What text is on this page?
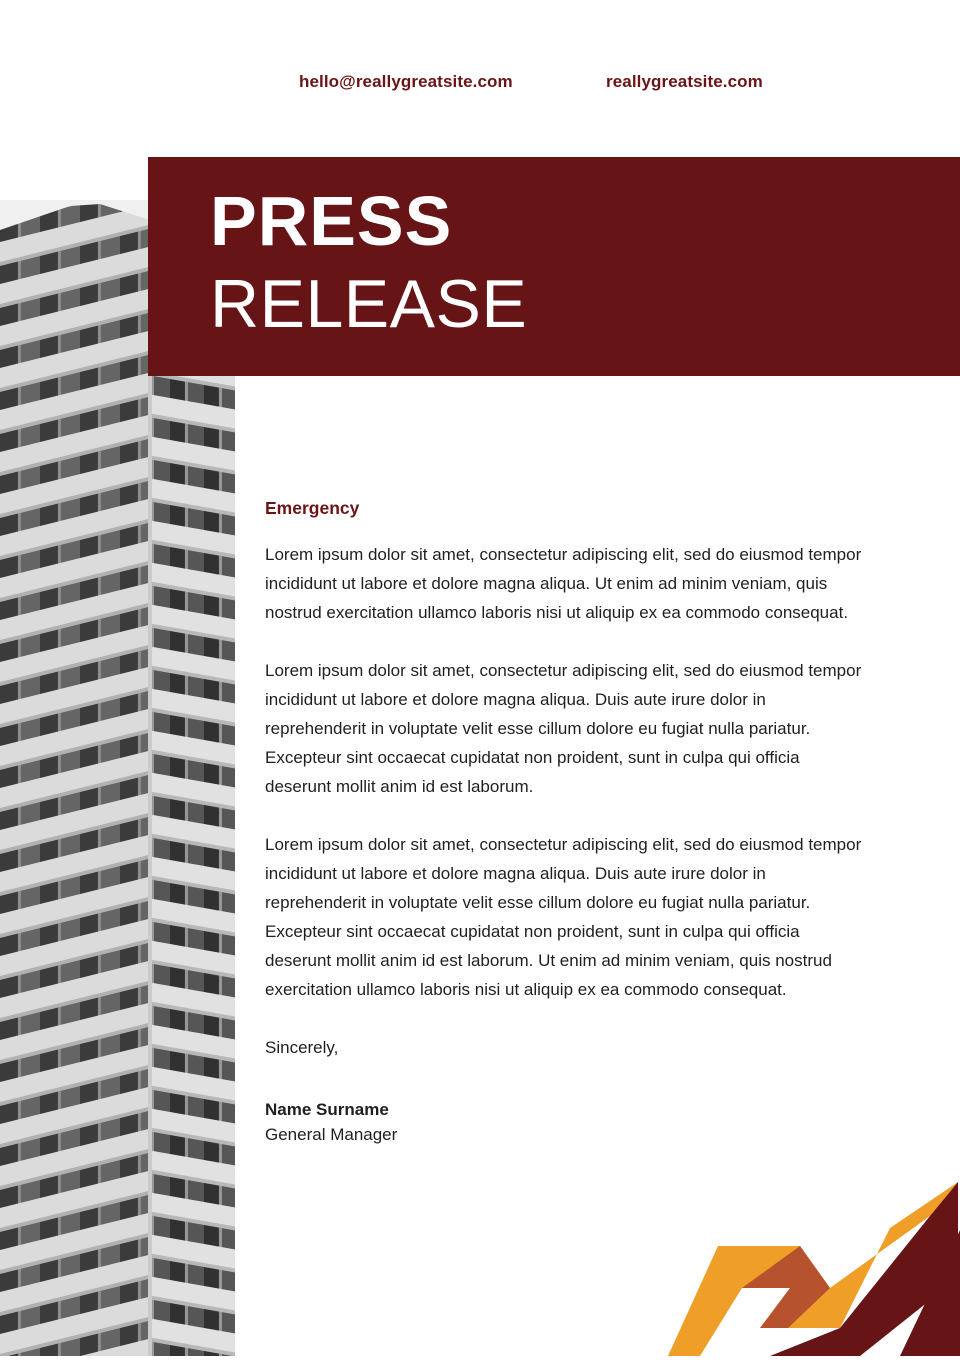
hello@reallygreatsite.com	reallygreatsite.com
PRESS
RELEASE
Emergency

Lorem ipsum dolor sit amet, consectetur adipiscing elit, sed do eiusmod tempor incididunt ut labore et dolore magna aliqua. Ut enim ad minim veniam, quis nostrud exercitation ullamco laboris nisi ut aliquip ex ea commodo consequat.

Lorem ipsum dolor sit amet, consectetur adipiscing elit, sed do eiusmod tempor incididunt ut labore et dolore magna aliqua. Duis aute irure dolor in reprehenderit in voluptate velit esse cillum dolore eu fugiat nulla pariatur. Excepteur sint occaecat cupidatat non proident, sunt in culpa qui officia deserunt mollit anim id est laborum.

Lorem ipsum dolor sit amet, consectetur adipiscing elit, sed do eiusmod tempor incididunt ut labore et dolore magna aliqua. Duis aute irure dolor in reprehenderit in voluptate velit esse cillum dolore eu fugiat nulla pariatur. Excepteur sint occaecat cupidatat non proident, sunt in culpa qui officia deserunt mollit anim id est laborum. Ut enim ad minim veniam, quis nostrud exercitation ullamco laboris nisi ut aliquip ex ea commodo consequat.

Sincerely,
Name Surname
General Manager
